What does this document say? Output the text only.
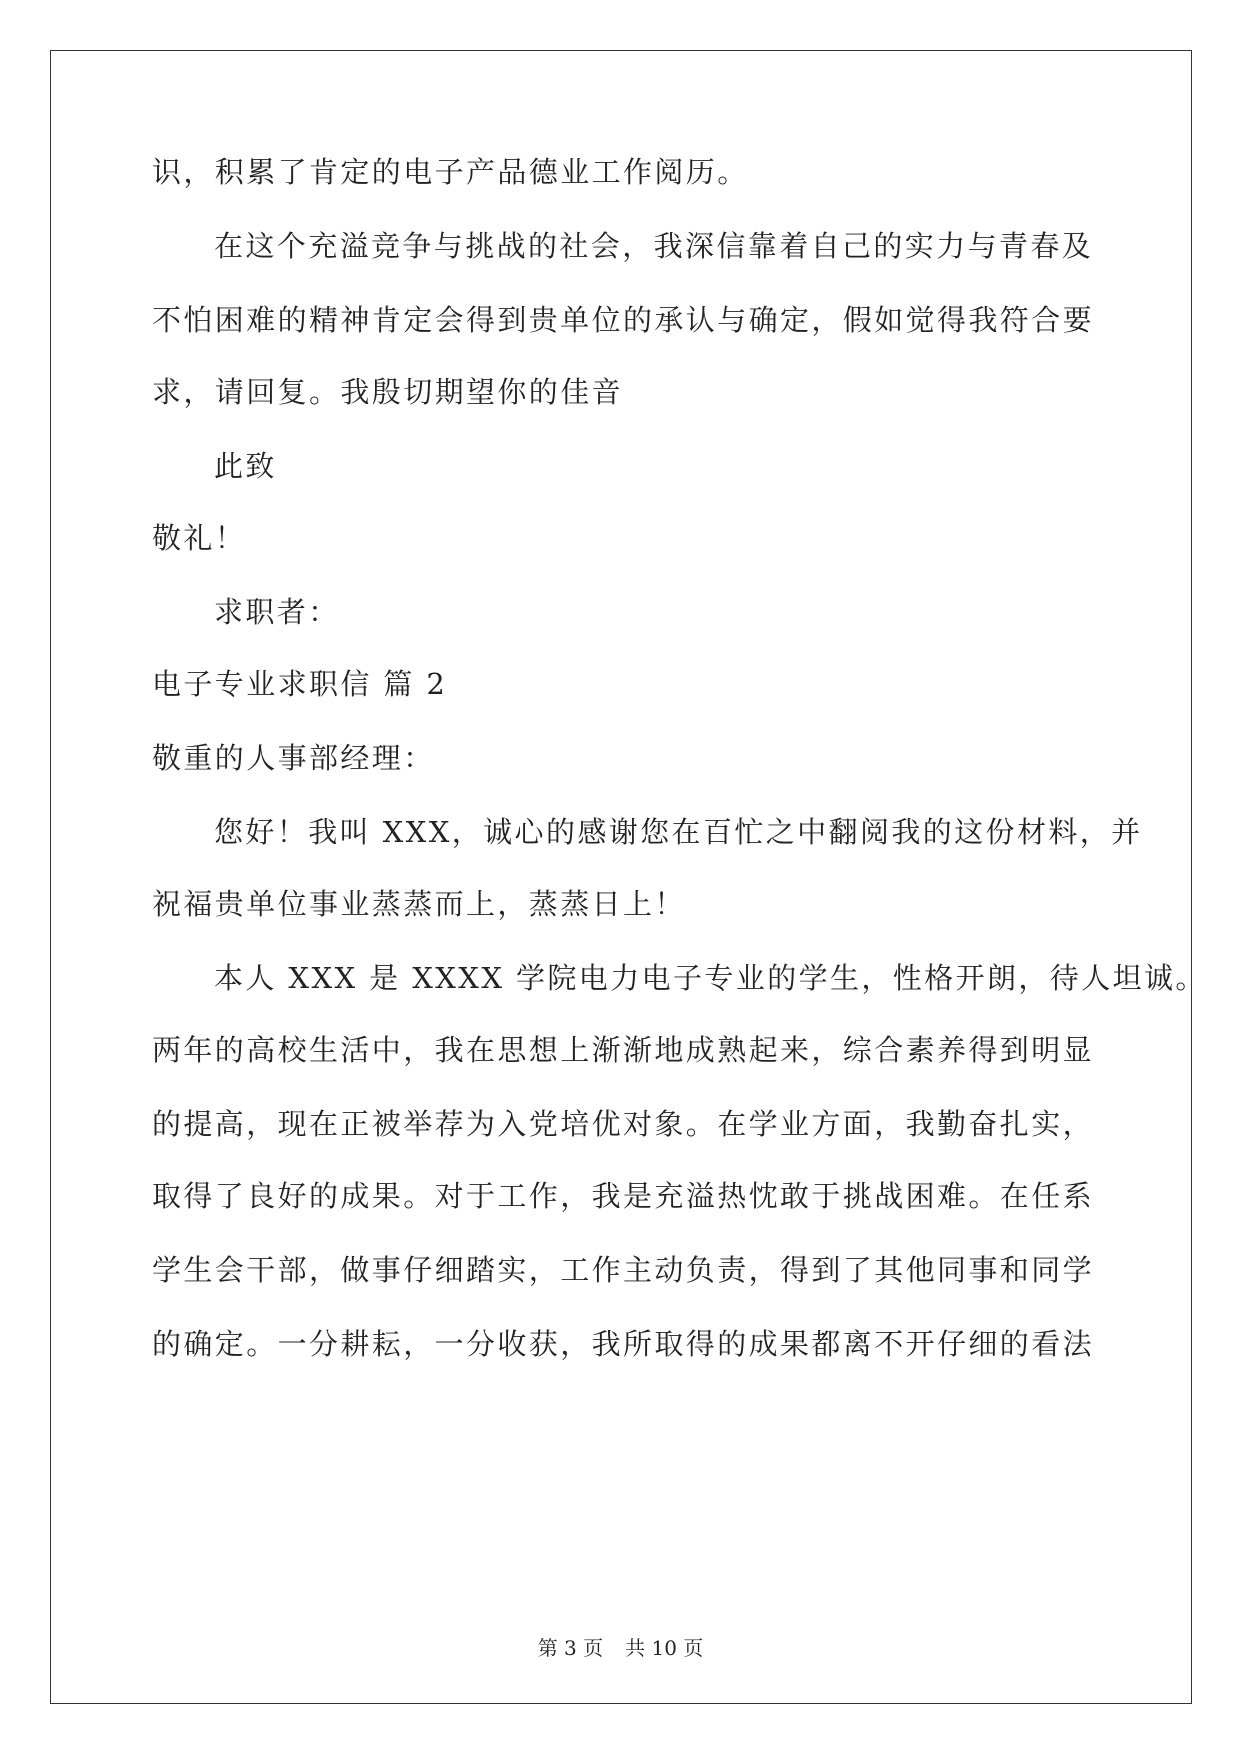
识，积累了肯定的电子产品德业工作阅历。
在这个充溢竞争与挑战的社会，我深信靠着自己的实力与青春及
不怕困难的精神肯定会得到贵单位的承认与确定，假如觉得我符合要
求，请回复。我殷切期望你的佳音
此致
敬礼！
求职者：
电子专业求职信 篇 2
敬重的人事部经理：
您好！我叫 XXX，诚心的感谢您在百忙之中翻阅我的这份材料，并
祝福贵单位事业蒸蒸而上，蒸蒸日上！
本人 XXX 是 XXXX 学院电力电子专业的学生，性格开朗，待人坦诚。
两年的高校生活中，我在思想上渐渐地成熟起来，综合素养得到明显
的提高，现在正被举荐为入党培优对象。在学业方面，我勤奋扎实，
取得了良好的成果。对于工作，我是充溢热忱敢于挑战困难。在任系
学生会干部，做事仔细踏实，工作主动负责，得到了其他同事和同学
的确定。一分耕耘，一分收获，我所取得的成果都离不开仔细的看法
第 3 页 共 10 页
